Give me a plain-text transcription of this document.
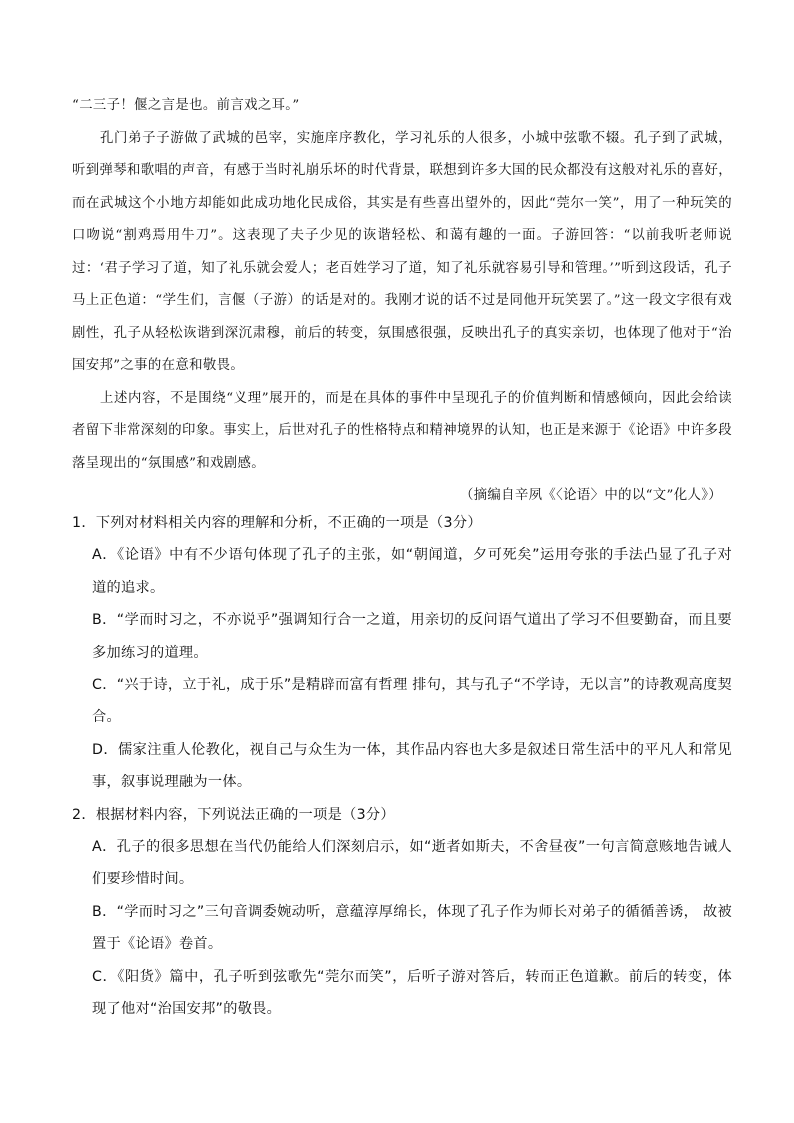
“二三子！偃之言是也。前言戏之耳。”

孔门弟子子游做了武城的邑宰，实施庠序教化，学习礼乐的人很多，小城中弦歌不辍。孔子到了武城，听到弹琴和歌唱的声音，有感于当时礼崩乐坏的时代背景，联想到许多大国的民众都没有这般对礼乐的喜好，而在武城这个小地方却能如此成功地化民成俗，其实是有些喜出望外的，因此“莞尔一笑”，用了一种玩笑的口吻说“割鸡焉用牛刀”。这表现了夫子少见的诙谐轻松、和蔼有趣的一面。子游回答：“以前我听老师说过：‘君子学习了道，知了礼乐就会爱人；老百姓学习了道，知了礼乐就容易引导和管理。’”听到这段话，孔子马上正色道：“学生们，言偃（子游）的话是对的。我刚才说的话不过是同他开玩笑罢了。”这一段文字很有戏剧性，孔子从轻松诙谐到深沉肃穆，前后的转变，氛围感很强，反映出孔子的真实亲切，也体现了他对于“治国安邦”之事的在意和敬畏。

上述内容，不是围绕“义理”展开的，而是在具体的事件中呈现孔子的价值判断和情感倾向，因此会给读者留下非常深刻的印象。事实上，后世对孔子的性格特点和精神境界的认知，也正是来源于《论语》中许多段落呈现出的“氛围感”和戏剧感。

（摘编自辛夙《〈论语〉中的以“文”化人》）

1．下列对材料相关内容的理解和分析，不正确的一项是（3分）

A．《论语》中有不少语句体现了孔子的主张，如“朝闻道，夕可死矣”运用夸张的手法凸显了孔子对道的追求。

B．“学而时习之，不亦说乎”强调知行合一之道，用亲切的反问语气道出了学习不但要勤奋，而且要多加练习的道理。

C．“兴于诗，立于礼，成于乐”是精辟而富有哲理 排句，其与孔子“不学诗，无以言”的诗教观高度契合。

D．儒家注重人伦教化，视自己与众生为一体，其作品内容也大多是叙述日常生活中的平凡人和常见事，叙事说理融为一体。

2．根据材料内容，下列说法正确的一项是（3分）

A．孔子的很多思想在当代仍能给人们深刻启示，如“逝者如斯夫，不舍昼夜”一句言简意赅地告诫人们要珍惜时间。

B．“学而时习之”三句音调委婉动听，意蕴淳厚绵长，体现了孔子作为师长对弟子的循循善诱， 故被置于《论语》卷首。

C．《阳货》篇中，孔子听到弦歌先“莞尔而笑”，后听子游对答后，转而正色道歉。前后的转变，体现了他对“治国安邦”的敬畏。
